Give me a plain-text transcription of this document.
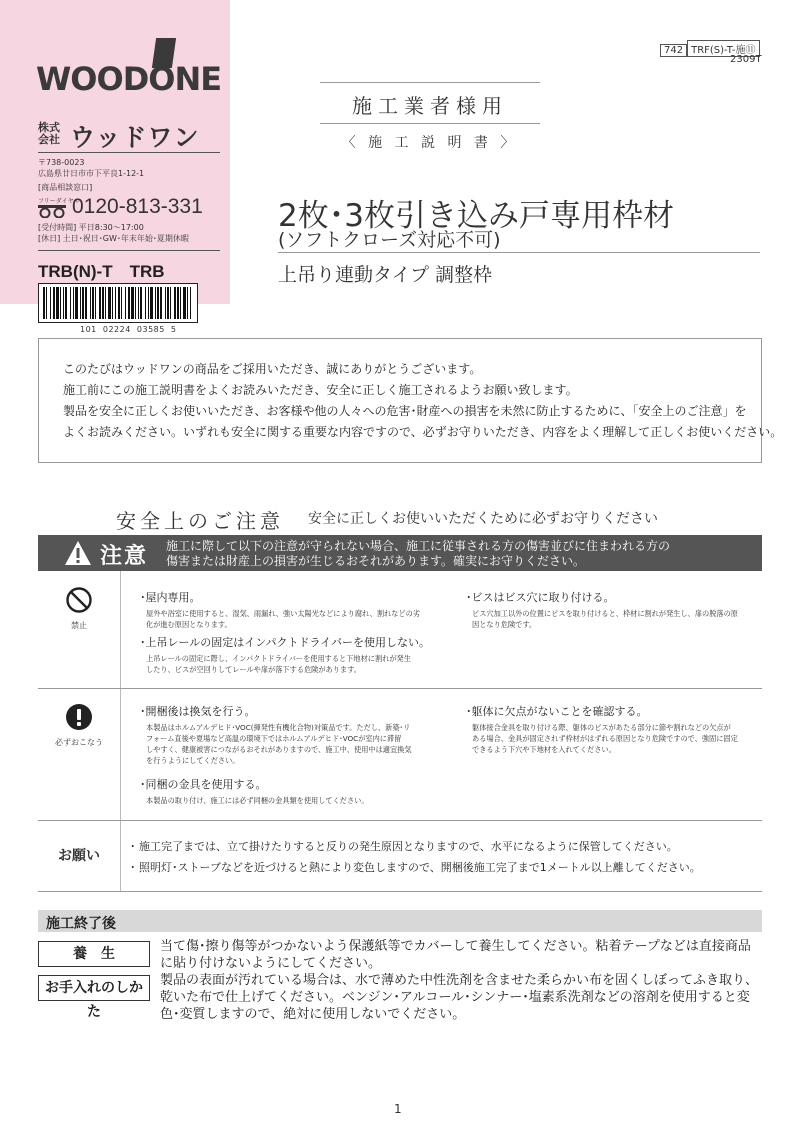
WOODONE
株式会社 ウッドワン
〒738-0023
広島県廿日市市下平良1-12-1
[商品相談窓口]
フリーダイヤル
0120-813-331
[受付時間] 平日8:30〜17:00
[休日] 土日･祝日･GW･年末年始･夏期休暇
TRB(N)-T　TRB
101  02224  03585  5
742 TRF(S)-T-施⑪
2309T
施工業者様用
〈 施 工 説 明 書 〉
2枚･3枚引き込み戸専用枠材
(ソフトクローズ対応不可)
上吊り連動タイプ 調整枠

このたびはウッドワンの商品をご採用いただき、誠にありがとうございます。

施工前にこの施工説明書をよくお読みいただき、安全に正しく施工されるようお願い致します。

製品を安全に正しくお使いいただき、お客様や他の人々への危害･財産への損害を未然に防止するために、「安全上のご注意」を

よくお読みください。いずれも安全に関する重要な内容ですので、必ずお守りいただき、内容をよく理解して正しくお使いください。

安全上のご注意 安全に正しくお使いいただくために必ずお守りください
注意 施工に際して以下の注意が守られない場合、施工に従事される方の傷害並びに住まわれる方の
傷害または財産上の損害が生じるおそれがあります。確実にお守りください。
禁止
･屋内専用。
屋外や浴室に使用すると、湿気、雨漏れ、強い太陽光などにより腐れ、割れなどの劣
化が進む原因となります。
･ビスはビス穴に取り付ける。
ビス穴加工以外の位置にビスを取り付けると、枠材に割れが発生し、扉の脱落の原
因となり危険です。
･上吊レールの固定はインパクトドライバーを使用しない。
上吊レールの固定に際し、インパクトドライバーを使用すると下地材に割れが発生
したり、ビスが空回りしてレールや扉が落下する危険があります。
必ずおこなう
･開梱後は換気を行う。
本製品はホルムアルデヒド･VOC(揮発性有機化合物)対策品です。ただし、新築･リ
フォーム直後や夏場など高温の環境下ではホルムアルデヒド･VOCが室内に滞留
しやすく、健康被害につながるおそれがありますので、施工中、使用中は適宜換気
を行うようにしてください。
･躯体に欠点がないことを確認する。
躯体接合金具を取り付ける際、躯体のビスがあたる部分に節や割れなどの欠点が
ある場合、金具が固定されず枠材がはずれる原因となり危険ですので、強固に固定
できるよう下穴や下地材を入れてください。
･同梱の金具を使用する。
本製品の取り付け、施工には必ず同梱の金具類を使用してください。
お願い
･ 施工完了までは、立て掛けたりすると反りの発生原因となりますので、水平になるように保管してください。
･ 照明灯･ストーブなどを近づけると熱により変色しますので、開梱後施工完了まで1メートル以上離してください。
施工終了後
養　生	当て傷･擦り傷等がつかないよう保護紙等でカバーして養生してください。粘着テープなどは直接商品に貼り付けないようにしてください。
お手入れのしかた
製品の表面が汚れている場合は、水で薄めた中性洗剤を含ませた柔らかい布を固くしぼってふき取り、乾いた布で仕上げてください。ベンジン･アルコール･シンナー･塩素系洗剤などの溶剤を使用すると変色･変質しますので、絶対に使用しないでください。
1
